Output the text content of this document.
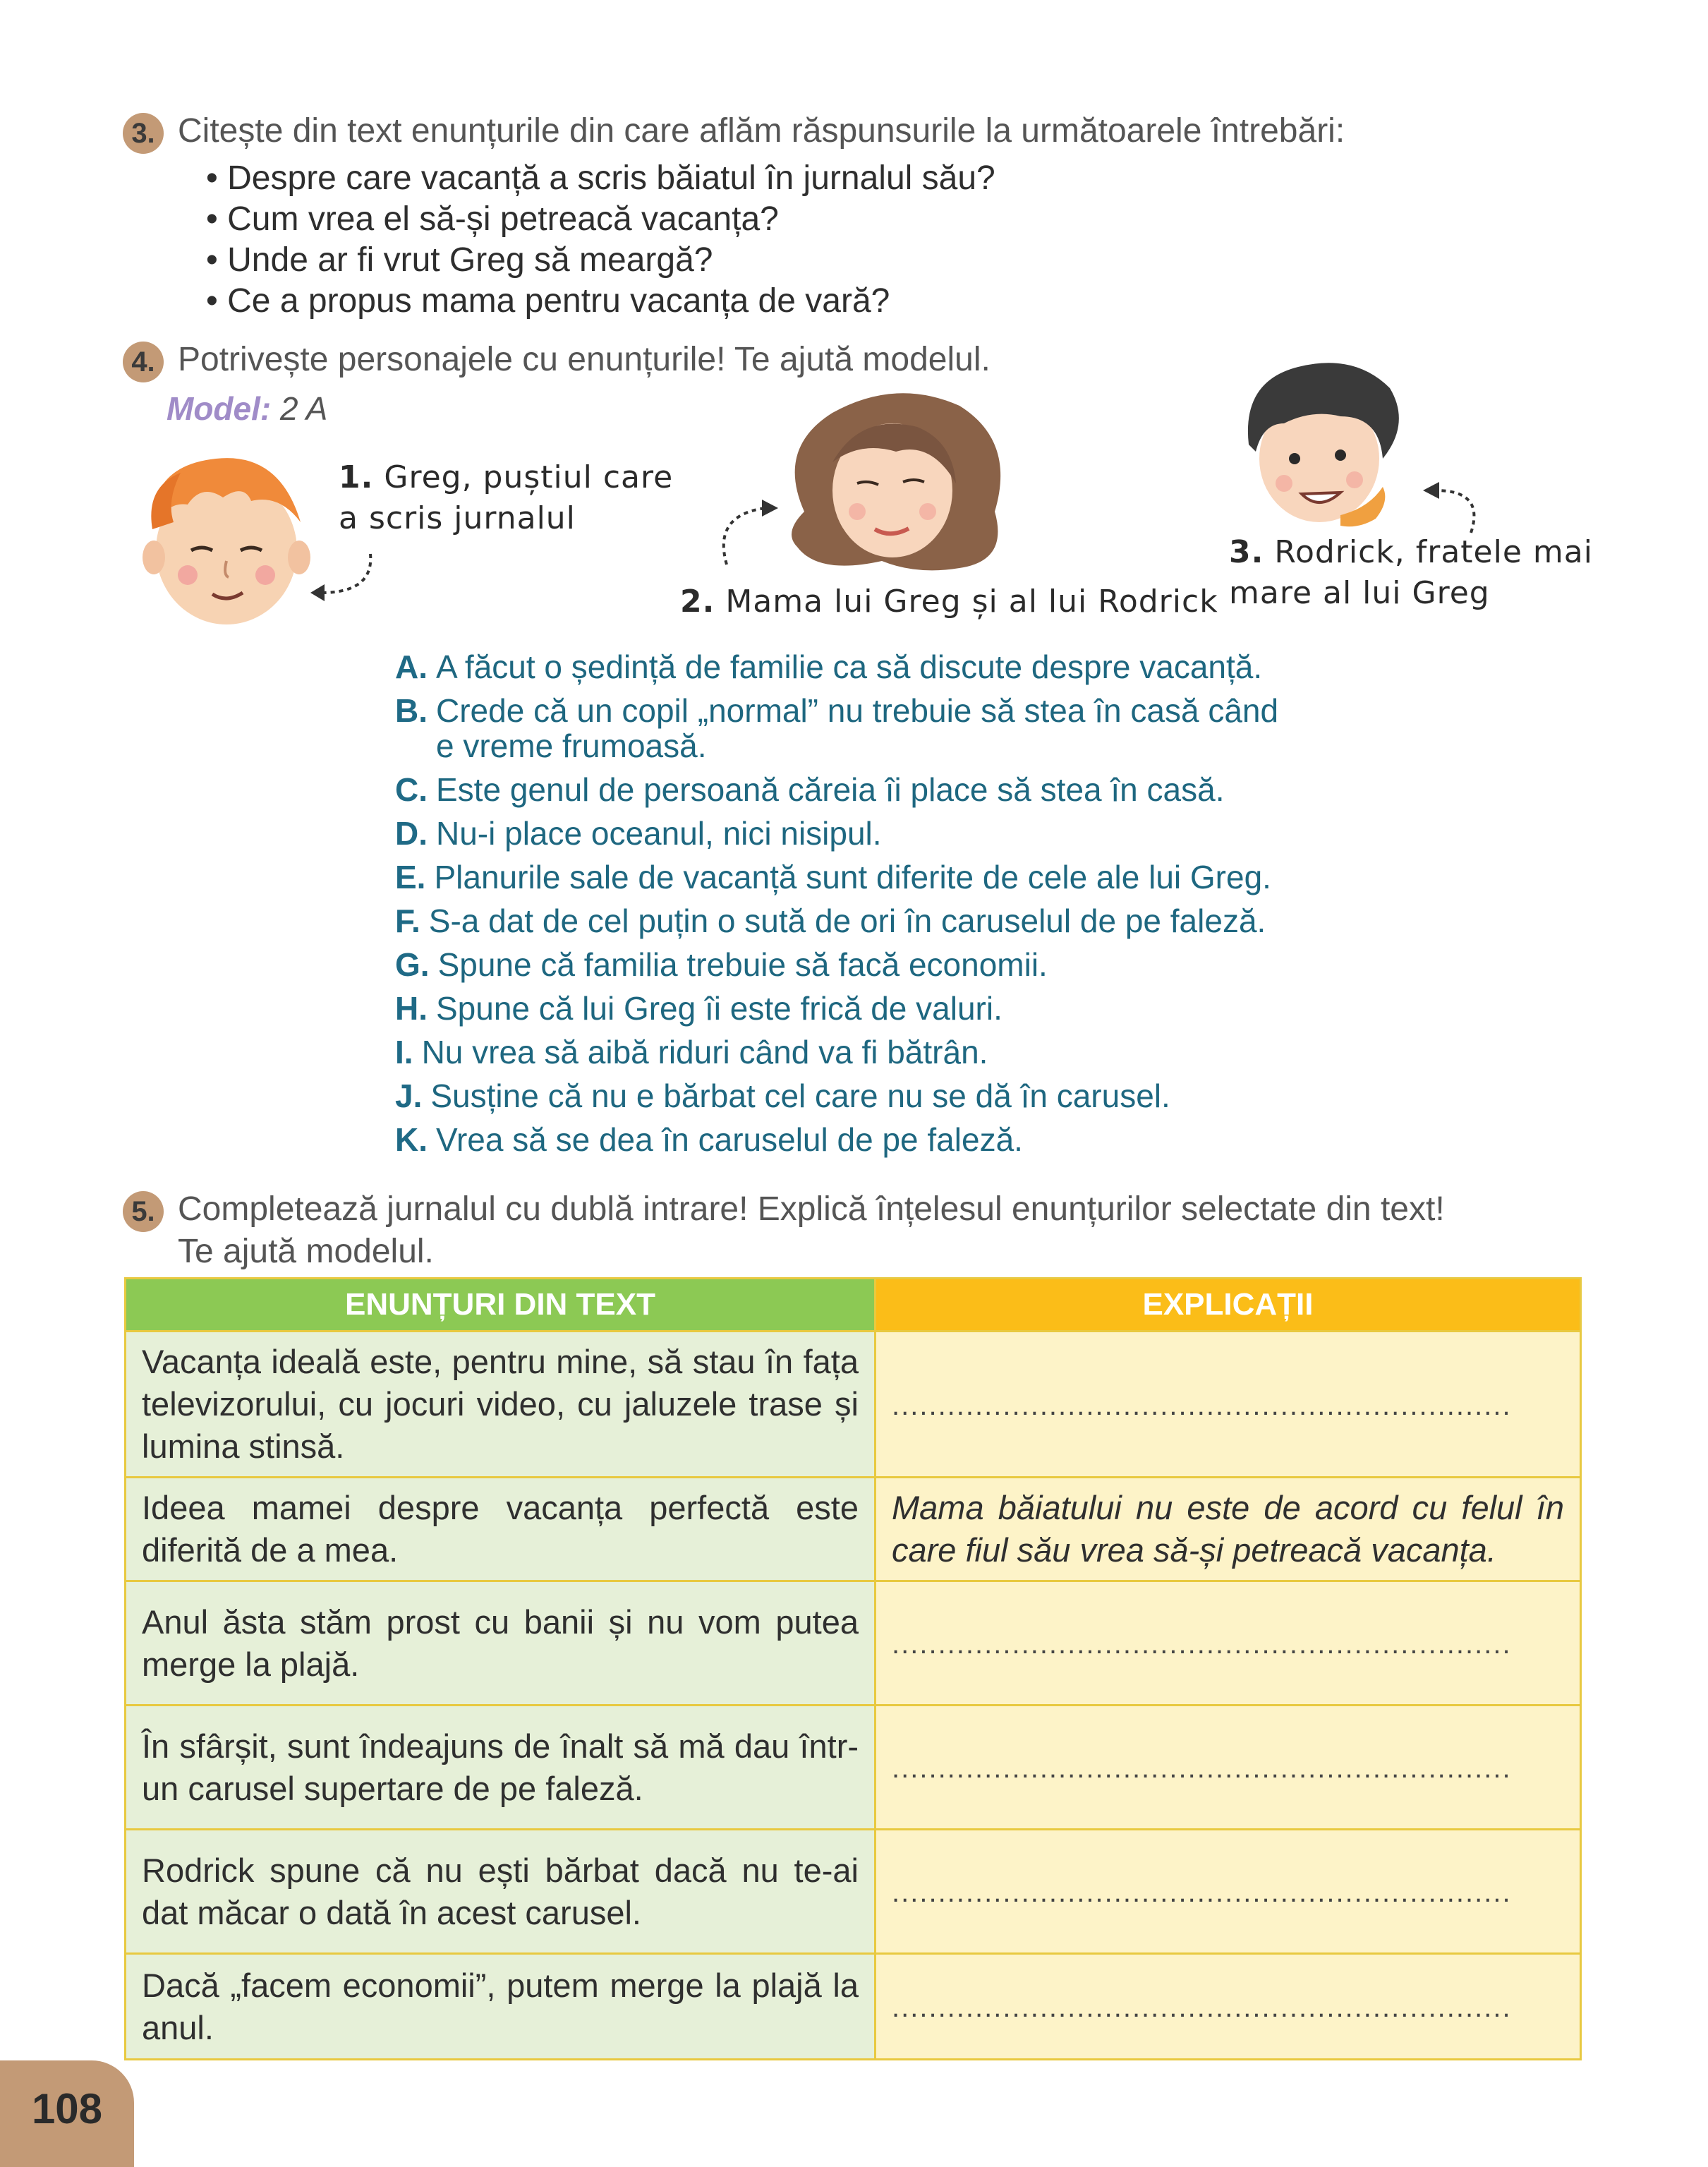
3. Citește din text enunțurile din care aflăm răspunsurile la următoarele întrebări:
• Despre care vacanță a scris băiatul în jurnalul său?
• Cum vrea el să-și petreacă vacanța?
• Unde ar fi vrut Greg să meargă?
• Ce a propus mama pentru vacanța de vară?
4. Potrivește personajele cu enunțurile! Te ajută modelul.
Model: 2 A
1. Greg, puștiul care
a scris jurnalul
2. Mama lui Greg și al lui Rodrick
3. Rodrick, fratele mai
mare al lui Greg
A. A făcut o ședință de familie ca să discute despre vacanță.
B. Crede că un copil „normal” nu trebuie să stea în casă când
e vreme frumoasă.
C. Este genul de persoană căreia îi place să stea în casă.
D. Nu-i place oceanul, nici nisipul.
E. Planurile sale de vacanță sunt diferite de cele ale lui Greg.
F. S-a dat de cel puțin o sută de ori în caruselul de pe faleză.
G. Spune că familia trebuie să facă economii.
H. Spune că lui Greg îi este frică de valuri.
I. Nu vrea să aibă riduri când va fi bătrân.
J. Susține că nu e bărbat cel care nu se dă în carusel.
K. Vrea să se dea în caruselul de pe faleză.
5. Completează jurnalul cu dublă intrare! Explică înțelesul enunțurilor selectate din text!
Te ajută modelul.
ENUNȚURI DIN TEXT	EXPLICAȚII
Vacanța ideală este, pentru mine, să stau în fața televizorului, cu jocuri video, cu jaluzele trase și lumina stinsă.	...................................................................
Ideea mamei despre vacanța perfectă este diferită de a mea.	Mama băiatului nu este de acord cu felul în care fiul său vrea să-și petreacă vacanța.

Anul ăsta stăm prost cu banii și nu vom putea merge la plajă.	...................................................................
În sfârșit, sunt îndeajuns de înalt să mă dau într-un carusel supertare de pe faleză.	...................................................................
Rodrick spune că nu ești bărbat dacă nu te-ai dat măcar o dată în acest carusel.	...................................................................
Dacă „facem economii”, putem merge la plajă la anul.	...................................................................
108
